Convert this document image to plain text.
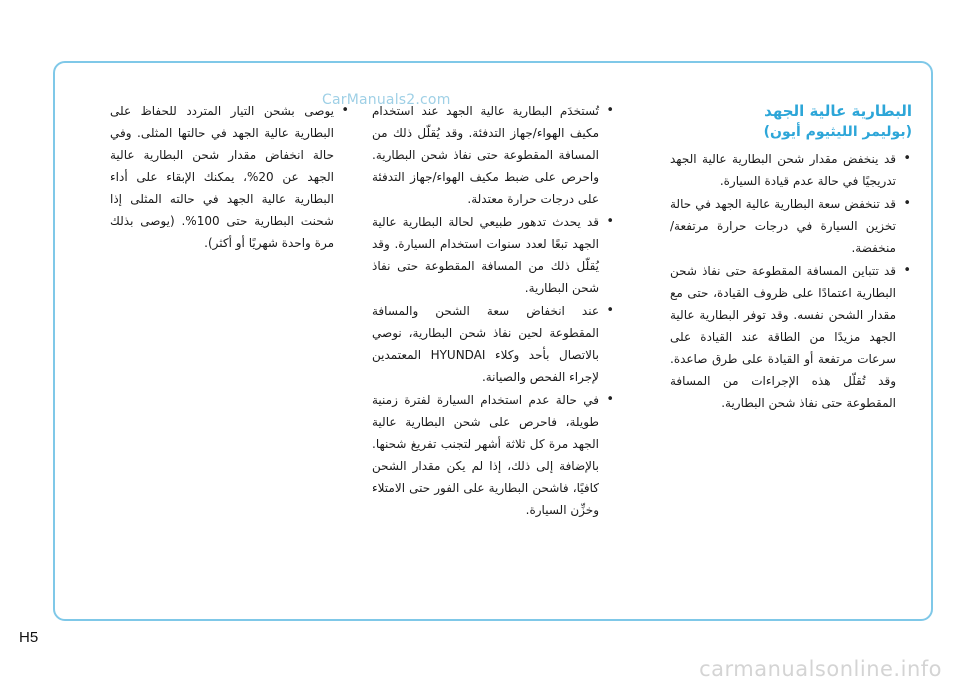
CarManuals2.com
البطارية عالية الجهد
(بوليمر الليثيوم أيون)
• قد ينخفض مقدار شحن البطارية عالية الجهد تدريجيًا في حالة عدم قيادة السيارة.
• قد تنخفض سعة البطارية عالية الجهد في حالة تخزين السيارة في درجات حرارة مرتفعة/منخفضة.
• قد تتباين المسافة المقطوعة حتى نفاذ شحن البطارية اعتمادًا على ظروف القيادة، حتى مع مقدار الشحن نفسه. وقد توفر البطارية عالية الجهد مزيدًا من الطاقة عند القيادة على سرعات مرتفعة أو القيادة على طرق صاعدة. وقد تُقلّل هذه الإجراءات من المسافة المقطوعة حتى نفاذ شحن البطارية.
• تُستخدَم البطارية عالية الجهد عند استخدام مكيف الهواء/جهاز التدفئة. وقد يُقلّل ذلك من المسافة المقطوعة حتى نفاذ شحن البطارية. واحرص على ضبط مكيف الهواء/جهاز التدفئة على درجات حرارة معتدلة.
• قد يحدث تدهور طبيعي لحالة البطارية عالية الجهد تبعًا لعدد سنوات استخدام السيارة. وقد يُقلّل ذلك من المسافة المقطوعة حتى نفاذ شحن البطارية.
• عند انخفاض سعة الشحن والمسافة المقطوعة لحين نفاذ شحن البطارية، نوصي بالاتصال بأحد وكلاء HYUNDAI المعتمدين لإجراء الفحص والصيانة.
• في حالة عدم استخدام السيارة لفترة زمنية طويلة، فاحرص على شحن البطارية عالية الجهد مرة كل ثلاثة أشهر لتجنب تفريغ شحنها. بالإضافة إلى ذلك، إذا لم يكن مقدار الشحن كافيًا، فاشحن البطارية على الفور حتى الامتلاء وخزِّن السيارة.
• يوصى بشحن التيار المتردد للحفاظ على البطارية عالية الجهد في حالتها المثلى. وفي حالة انخفاض مقدار شحن البطارية عالية الجهد عن 20%، يمكنك الإبقاء على أداء البطارية عالية الجهد في حالته المثلى إذا شحنت البطارية حتى 100%. (يوصى بذلك مرة واحدة شهريًا أو أكثر).
H5
carmanualsonline.info
